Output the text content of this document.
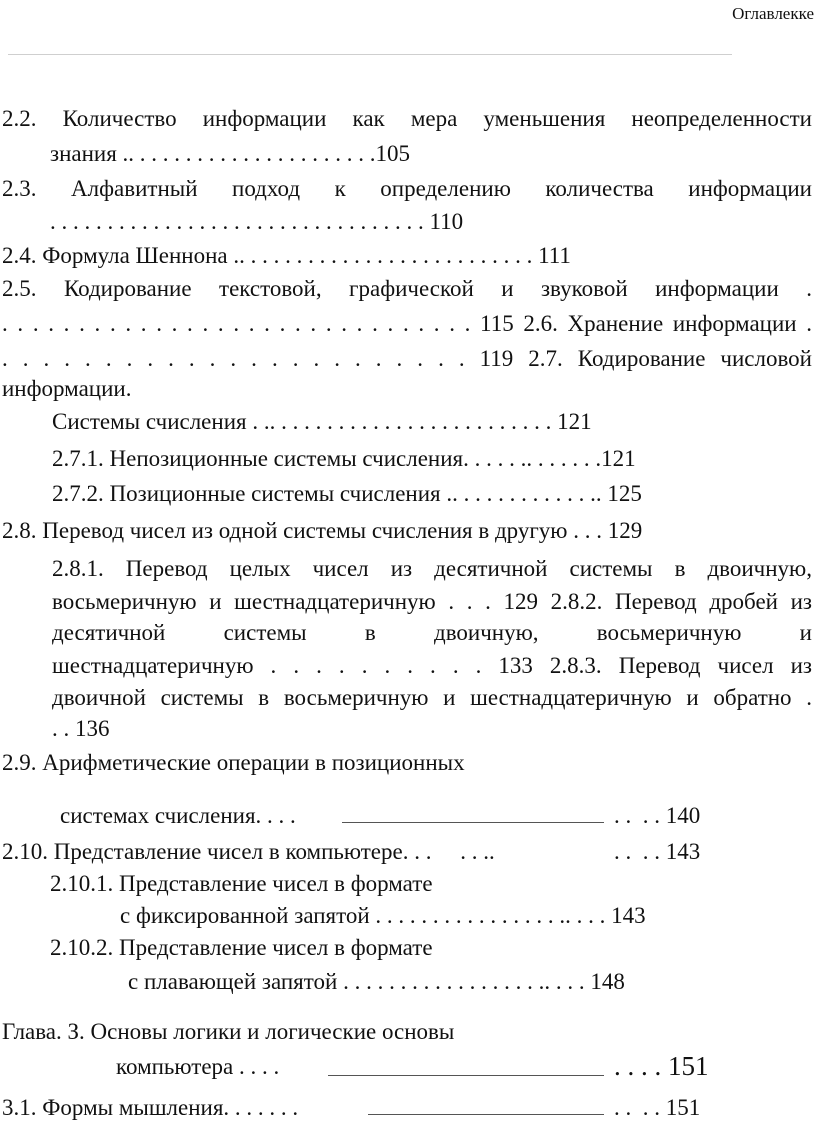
Оглавлекке
2.2. Количество информации как мера уменьшения неопределенности
знания .. . . . . . . . . . . . . . . . . . . . . .105
2.3. Алфавитный подход к определению количества информации
. . . . . . . . . . . . . . . . . . . . . . . . . . . . . . . . . 110
2.4. Формула Шеннона .. . . . . . . . . . . . . . . . . . . . . . . . . . 111
2.5. Кодирование текстовой, графической и звуковой информации .
. . . . . . . . . . . . . . . . . . . . . . . . . . . . . . . 115 2.6. Хранение информации .
. . . . . . . . . . . . . . . . . . . . . . . 119 2.7. Кодирование числовой
информации.
Системы счисления . .. . . . . . . . . . . . . . . . . . . . . . . . . 121
2.7.1. Непозиционные системы счисления. . . . . .. . . . . . .121
2.7.2. Позиционные системы счисления .. . . . . . . . . . . . .. 125
2.8. Перевод чисел из одной системы счисления в другую . . . 129
2.8.1. Перевод целых чисел из десятичной системы в двоичную,
восьмеричную и шестнадцатеричную . . . 129 2.8.2. Перевод дробей из
десятичной системы в двоичную, восьмеричную и
шестнадцатеричную . . . . . . . . . . 133 2.8.3. Перевод чисел из
двоичной системы в восьмеричную и шестнадцатеричную и обратно .
. . 136
2.9. Арифметические операции в позиционных
системах счисления. . . .	. .  . . 140
2.10. Представление чисел в компьютере. . .     . . ..	. .  . . 143
2.10.1. Представление чисел в формате
с фиксированной запятой . . . . . . . . . . . . . . . . .. . . . 143
2.10.2. Представление чисел в формате
с плавающей запятой . . . . . . . . . . . . . . . . . .. . . . 148
Глава. З. Основы логики и логические основы
компьютера . . . .	. . . . 151
3.1. Формы мышления. . . . . . .	. .  . . 151
